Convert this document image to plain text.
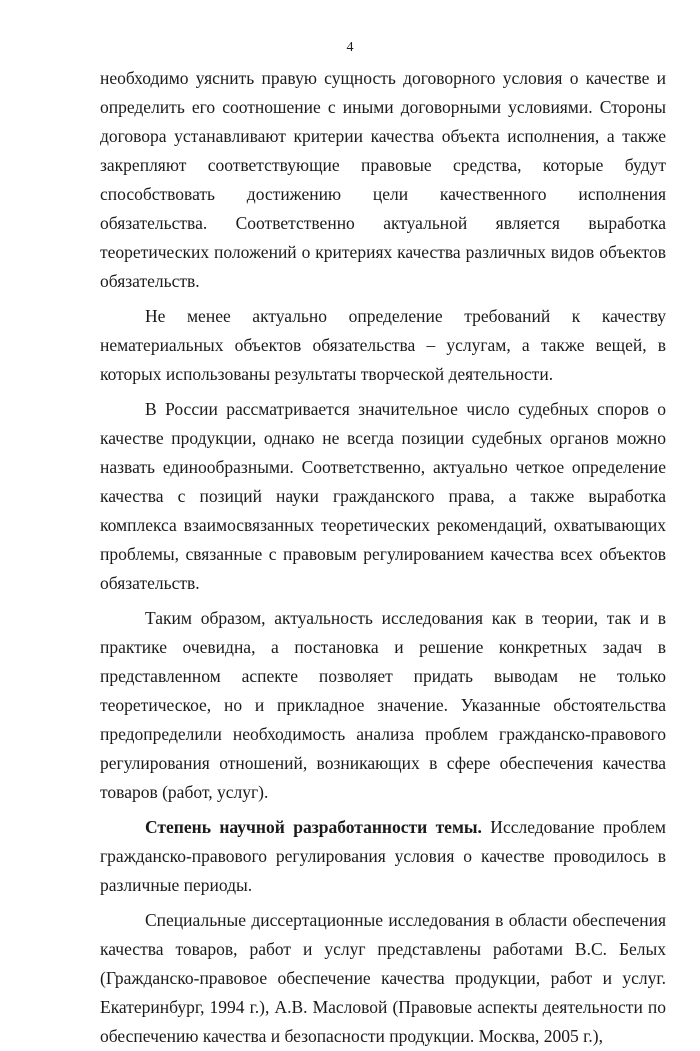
4

необходимо уяснить правую сущность договорного условия о качестве и определить его соотношение с иными договорными условиями. Стороны договора устанавливают критерии качества объекта исполнения, а также закрепляют соответствующие правовые средства, которые будут способствовать достижению цели качественного исполнения обязательства. Соответственно актуальной является выработка теоретических положений о критериях качества различных видов объектов обязательств.

Не менее актуально определение требований к качеству нематериальных объектов обязательства – услугам, а также вещей, в которых использованы результаты творческой деятельности.

В России рассматривается значительное число судебных споров о качестве продукции, однако не всегда позиции судебных органов можно назвать единообразными. Соответственно, актуально четкое определение качества с позиций науки гражданского права, а также выработка комплекса взаимосвязанных теоретических рекомендаций, охватывающих проблемы, связанные с правовым регулированием качества всех объектов обязательств.

Таким образом, актуальность исследования как в теории, так и в практике очевидна, а постановка и решение конкретных задач в представленном аспекте позволяет придать выводам не только теоретическое, но и прикладное значение. Указанные обстоятельства предопределили необходимость анализа проблем гражданско-правового регулирования отношений, возникающих в сфере обеспечения качества товаров (работ, услуг).

Степень научной разработанности темы. Исследование проблем гражданско-правового регулирования условия о качестве проводилось в различные периоды.

Специальные диссертационные исследования в области обеспечения качества товаров, работ и услуг представлены работами В.С. Белых (Гражданско-правовое обеспечение качества продукции, работ и услуг. Екатеринбург, 1994 г.), А.В. Масловой (Правовые аспекты деятельности по обеспечению качества и безопасности продукции. Москва, 2005 г.),
